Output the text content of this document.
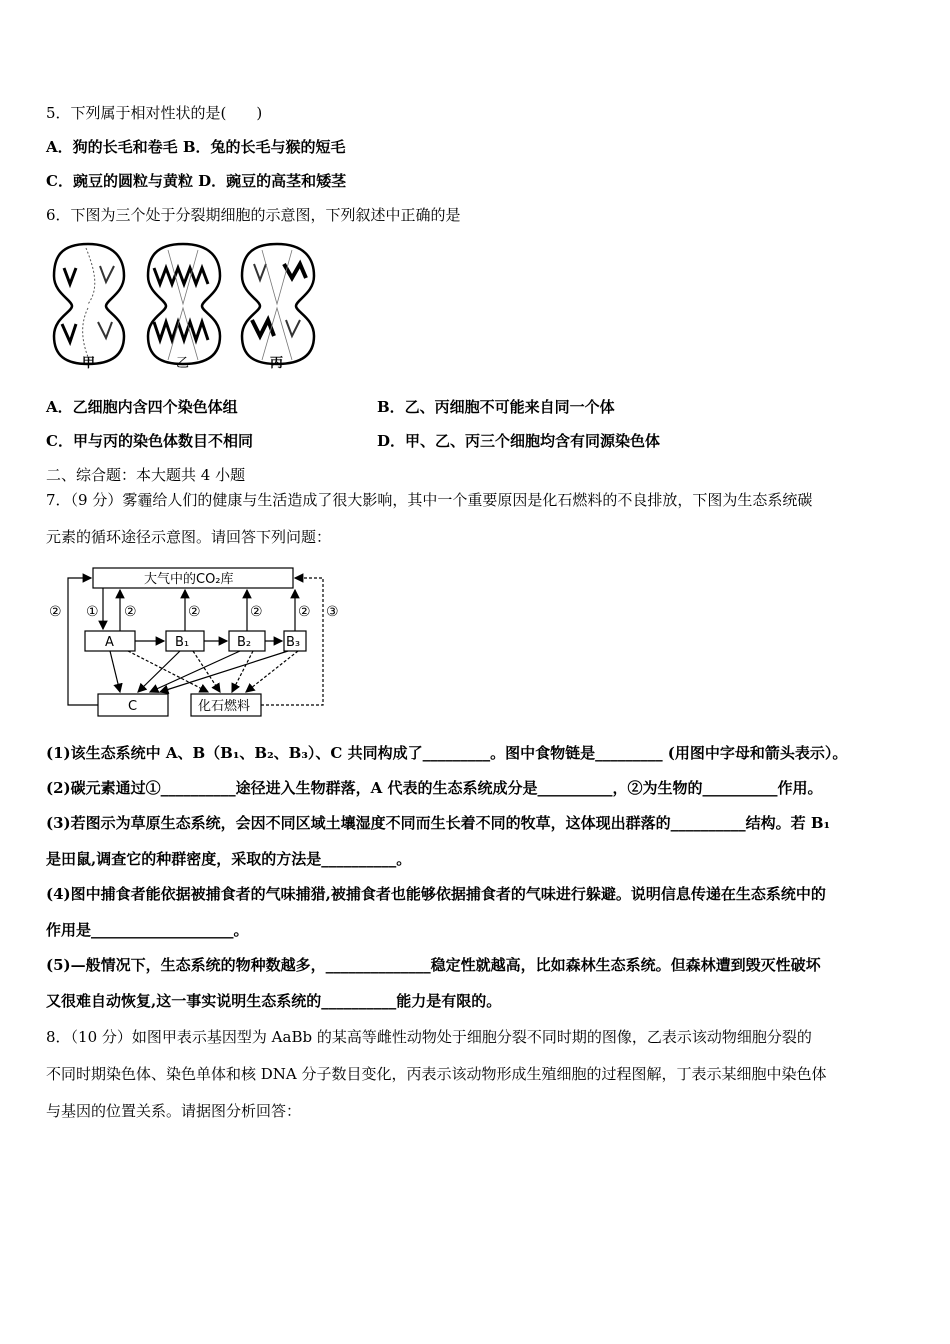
5．下列属于相对性状的是(　　)
A．狗的长毛和卷毛 B．兔的长毛与猴的短毛
C．豌豆的圆粒与黄粒 D．豌豆的高茎和矮茎
6．下图为三个处于分裂期细胞的示意图，下列叙述中正确的是
甲	乙	丙
A．乙细胞内含四个染色体组	B．乙、丙细胞不可能来自同一个体
C．甲与丙的染色体数目不相同	D．甲、乙、丙三个细胞均含有同源染色体
二、综合题：本大题共 4 小题
7．（9 分）雾霾给人们的健康与生活造成了很大影响，其中一个重要原因是化石燃料的不良排放，下图为生态系统碳
元素的循环途径示意图。请回答下列问题：
大气中的CO₂库
A	B₁	B₂	B₃
C	化石燃料
① ②	②	②	②
②	③
(1)该生态系统中 A、B（B₁、B₂、B₃）、C 共同构成了_________。图中食物链是_________ (用图中字母和箭头表示）。
(2)碳元素通过①__________途径进入生物群落，A 代表的生态系统成分是__________，②为生物的__________作用。
(3)若图示为草原生态系统，会因不同区域土壤湿度不同而生长着不同的牧草，这体现出群落的__________结构。若 B₁
是田鼠,调查它的种群密度，采取的方法是__________。
(4)图中捕食者能依据被捕食者的气味捕猎,被捕食者也能够依据捕食者的气味进行躲避。说明信息传递在生态系统中的
作用是___________________。
(5)—般情况下，生态系统的物种数越多，______________稳定性就越高，比如森林生态系统。但森林遭到毁灭性破坏
又很难自动恢复,这一事实说明生态系统的__________能力是有限的。
8．（10 分）如图甲表示基因型为 AaBb 的某高等雌性动物处于细胞分裂不同时期的图像，乙表示该动物细胞分裂的
不同时期染色体、染色单体和核 DNA 分子数目变化，丙表示该动物形成生殖细胞的过程图解，丁表示某细胞中染色体
与基因的位置关系。请据图分析回答：
